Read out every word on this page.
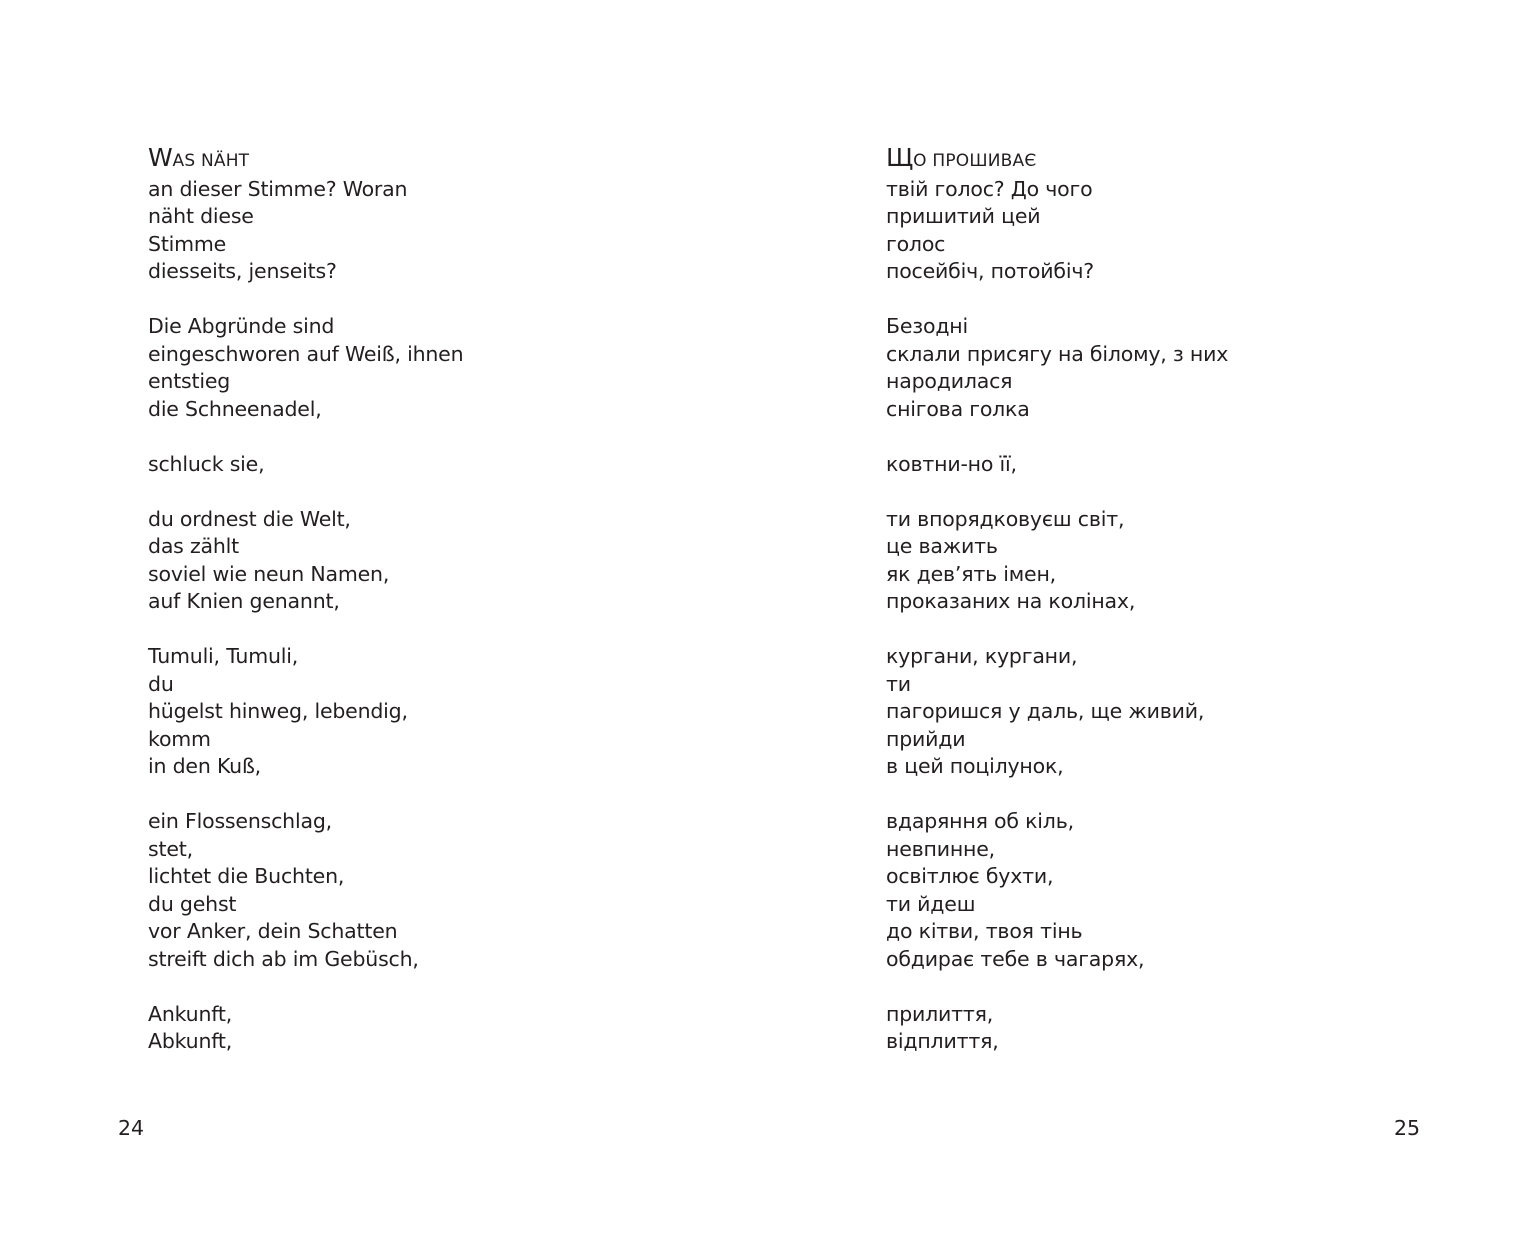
WAS NÄHT
an dieser Stimme? Woran
näht diese
Stimme
diesseits, jenseits?
Die Abgründe sind
eingeschworen auf Weiß, ihnen
entstieg
die Schneenadel,
schluck sie,
du ordnest die Welt,
das zählt
soviel wie neun Namen,
auf Knien genannt,
Tumuli, Tumuli,
du
hügelst hinweg, lebendig,
komm
in den Kuß,
ein Flossenschlag,
stet,
lichtet die Buchten,
du gehst
vor Anker, dein Schatten
streift dich ab im Gebüsch,
Ankunft,
Abkunft,
24
ЩО ПРОШИВАЄ
твій голос? До чого
пришитий цей
голос
посейбіч, потойбіч?
Безодні
склали присягу на білому, з них
народилася
снігова голка
ковтни-но її,
ти впорядковуєш світ,
це важить
як дев’ять імен,
проказаних на колінах,
кургани, кургани,
ти
пагоришся у даль, ще живий,
прийди
в цей поцілунок,
вдаряння об кіль,
невпинне,
освітлює бухти,
ти йдеш
до кітви, твоя тінь
обдирає тебе в чагарях,
прилиття,
відплиття,
25
